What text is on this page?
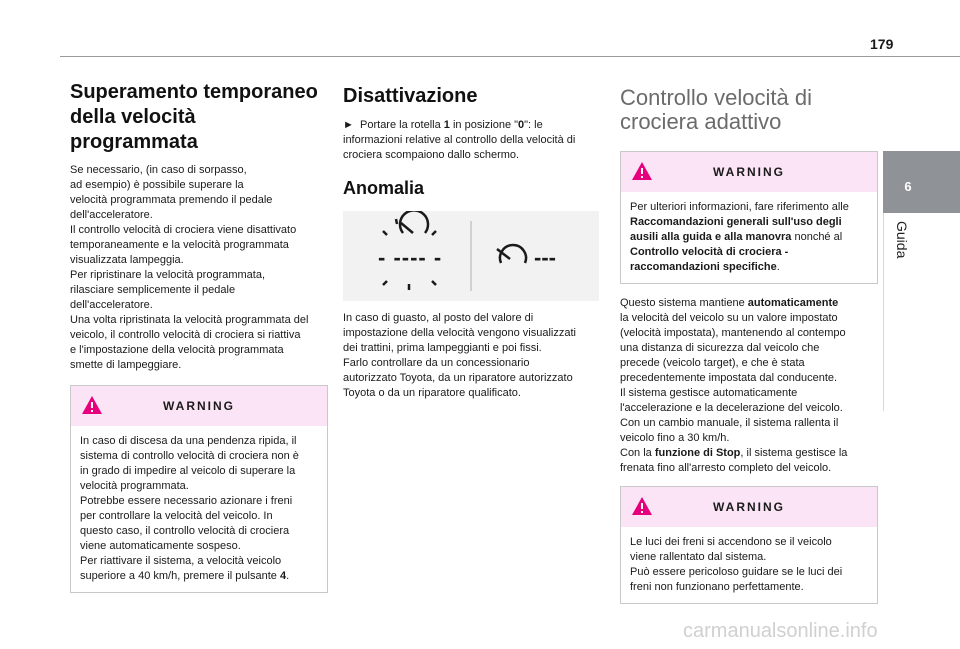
179
6
Guida
Superamento temporaneo
della velocità programmata

Se necessario, (in caso di sorpasso,
ad esempio) è possibile superare la
velocità programmata premendo il pedale
dell'acceleratore.
Il controllo velocità di crociera viene disattivato
temporaneamente e la velocità programmata
visualizzata lampeggia.
Per ripristinare la velocità programmata,
rilasciare semplicemente il pedale
dell'acceleratore.
Una volta ripristinata la velocità programmata del
veicolo, il controllo velocità di crociera si riattiva
e l'impostazione della velocità programmata
smette di lampeggiare.

WARNING

In caso di discesa da una pendenza ripida, il
sistema di controllo velocità di crociera non è
in grado di impedire al veicolo di superare la
velocità programmata.
Potrebbe essere necessario azionare i freni
per controllare la velocità del veicolo. In
questo caso, il controllo velocità di crociera
viene automaticamente sospeso.
Per riattivare il sistema, a velocità veicolo

superiore a 40 km/h, premere il pulsante 4.

Disattivazione

► Portare la rotella 1 in posizione "0": le
informazioni relative al controllo della velocità di
crociera scompaiono dallo schermo.

Anomalia
- ---- -	---

In caso di guasto, al posto del valore di
impostazione della velocità vengono visualizzati
dei trattini, prima lampeggianti e poi fissi.
Farlo controllare da un concessionario
autorizzato Toyota, da un riparatore autorizzato
Toyota o da un riparatore qualificato.

Controllo velocità di
crociera adattivo
WARNING

Per ulteriori informazioni, fare riferimento alle
Raccomandazioni generali sull'uso degli
ausili alla guida e alla manovra nonché al
Controllo velocità di crociera -
raccomandazioni specifiche.

Questo sistema mantiene automaticamente
la velocità del veicolo su un valore impostato
(velocità impostata), mantenendo al contempo
una distanza di sicurezza dal veicolo che
precede (veicolo target), e che è stata
precedentemente impostata dal conducente.
Il sistema gestisce automaticamente
l'accelerazione e la decelerazione del veicolo.
Con un cambio manuale, il sistema rallenta il
veicolo fino a 30 km/h.
Con la funzione di Stop, il sistema gestisce la
frenata fino all'arresto completo del veicolo.

WARNING

Le luci dei freni si accendono se il veicolo
viene rallentato dal sistema.
Può essere pericoloso guidare se le luci dei
freni non funzionano perfettamente.

carmanualsonline.info
